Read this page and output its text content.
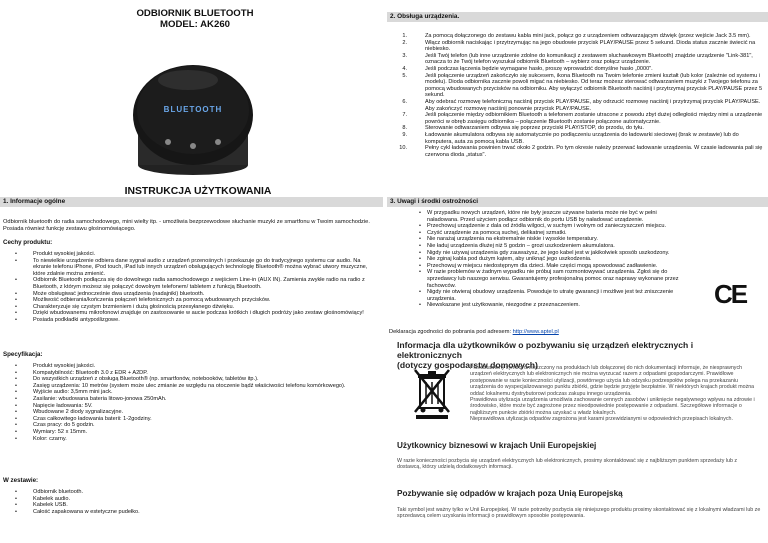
ODBIORNIK BLUETOOTH
MODEL: AK260
BLUETOOTH
INSTRUKCJA UŻYTKOWANIA
1. Informacje ogólne
Odbiornik bluetooth do radia samochodowego, mini wielty itp. - umożliwia bezprzewodowe słuchanie muzyki ze smartfonu w Twoim samochodzie. Posiada również funkcję zestawu głośnomówiącego.
Cechy produktu:
• Produkt wysokiej jakości.
• To niewielkie urządzenie odbiera dane sygnał audio z urządzeń przenośnych i przekazuje go do tradycyjnego systemu car audio. Na ekranie telefonu iPhone, iPod touch, iPad lub innych urządzeń obsługujących technologię Bluetooth® można wybrać utwory muzyczne, które zdalnie można zmienić.
• Odbiornik Bluetooth podłącza się do dowolnego radia samochodowego z wejściem Line-in (AUX IN). Zamienia zwykłe radio na radio z Bluetooth, z którym możesz się połączyć dowolnym telefonem/ tabletem z funkcją Bluetooth.
• Może obsługiwać jednocześnie dwa urządzenia (nadajniki) bluetooth.
• Możliwość odbierania/kończenia połączeń telefonicznych za pomocą wbudowanych przycisków.
• Charakteryzuje się czystym brzmieniem i dużą głośnością przesyłanego dźwięku.
• Dzięki wbudowanemu mikrofonowi znajduje on zastosowanie w aucie podczas krótkich i długich podróży jako zestaw głośnomówiący!
• Posiada podkładki antypoślizgowe.
Specyfikacja:
• Produkt wysokiej jakości.
• Kompatybilność: Bluetooth 3.0 z EDR + A2DP.
• Do wszystkich urządzeń z obsługą Bluetooth® (np. smartfonów, notebooków, tabletów itp.).
• Zasięg urządzenia: 10 metrów (system może ulec zmianie ze względu na otoczenie bądź właściwości telefonu komórkowego).
• Wyjście audio: 3,5mm mini jack.
• Zasilanie: wbudowana bateria litowo-jonowa 250mAh.
• Napięcie ładowania: 5V.
• Wbudowane 2 diody sygnalizacyjne.
• Czas całkowitego ładowania baterii: 1-2godziny.
• Czas pracy: do 5 godzin.
• Wymiary: 52 x 15mm.
• Kolor: czarny.
W zestawie:
• Odbiornik bluetooth.
• Kabelek audio.
• Kabelek USB.
• Całość zapakowana w estetyczne pudełko.
2. Obsługa urządzenia.
1.	Za pomocą dołączonego do zestawu kabla mini jack, połącz go z urządzeniem odtwarzającym dźwięk (przez wejście Jack 3.5 mm).
2.	Włącz odbiornik naciskając i przytrzymując na jego obudowie przycisk PLAY/PAUSE przez 5 sekund. Dioda status zacznie świecić na niebiesko.
3.	Jeśli Twój telefon (lub inne urządzenie zdolne do komunikacji z zestawem słuchawkowym Bluetooth) znajdzie urządzenie "Link-381", oznacza to że Twój telefon wyszukał odbiornik Bluetooth – wybierz oraz połącz urządzenie.
4.	Jeśli podczas łączenia będzie wymagane hasło, proszę wprowadzić domyślne hasło „0000".
5.	Jeśli połączenie urządzeń zakończyło się sukcesem, ikona Bluetooth na Twoim telefonie zmieni kształt (lub kolor (zależnie od systemu i modelu). Dioda odbiornika zacznie powoli migać na niebiesko. Od teraz możesz sterować odtwarzaniem muzyki z Twojego telefonu za pomocą wbudowanych przycisków na odbiorniku. Aby wyłączyć odbiornik Bluetooth naciśnij i przytrzymaj przycisk PLAY/PAUSE przez 5 sekund.
6.	Aby odebrać rozmowę telefoniczną naciśnij przycisk PLAY/PAUSE, aby odrzucić rozmowę naciśnij i przytrzymaj przycisk PLAY/PAUSE. Aby zakończyć rozmowę naciśnij ponownie przycisk PLAY/PAUSE.
7.	Jeśli połączenie między odbiornikiem Bluetooth a telefonem zostanie utracone z powodu zbyt dużej odległości między nimi a urządzenie powróci w obręb zasięgu odbiornika – połączenie Bluetooth zostanie połączone automatycznie.
8.	Sterowanie odtwarzaniem odbywa się poprzez przyciski PLAY/STOP, do przodu, do tyłu.
9.	Ładowanie akumulatora odbywa się automatycznie po podłączeniu urządzenia do ładowarki sieciowej (brak w zestawie) lub do komputera, auta za pomocą kabla USB.
10.	Pełny cykl ładowania powinien trwać około 2 godzin. Po tym okresie należy przerwać ładowanie urządzenia. W czasie ładowania pali się czerwona dioda „status".
3. Uwagi i środki ostrożności
• W przypadku nowych urządzeń, które nie były jeszcze używane bateria może nie być w pełni naładowana. Przed użyciem podłącz odbiornik do portu USB by naładować urządzenie.
• Przechowuj urządzenie z dala od źródła wilgoci, w suchym i wolnym od zanieczyszczeń miejscu.
• Czyść urządzenie za pomocą suchej, delikatnej szmatki.
• Nie narażaj urządzenia na ekstremalnie niskie i wysokie temperatury.
• Nie ładuj urządzenia dłużej niż 5 godzin – grozi uszkodzeniem akumulatora.
• Nigdy nie używaj urządzenia gdy zauważysz, że jego kabel jest w jakikolwiek sposób uszkodzony.
• Nie zginaj kabla pod dużym kątem, aby uniknąć jego uszkodzenia.
• Przechowuj w miejscu niedostępnym dla dzieci. Małe części mogą spowodować zadławienie.
• W razie problemów w żadnym wypadku nie próbuj sam rozmontowywać urządzenia. Zgłoś się do sprzedawcy lub naszego serwisu. Gwarantujemy profesjonalną pomoc oraz naprawy wykonane przez fachowców.
• Nigdy nie otwieraj obudowy urządzenia. Powoduje to utratę gwarancji i możliwe jest też zniszczenie urządzenia.
• Niewskazane jest użytkowanie, niezgodne z przeznaczeniem.	CE
Deklaracja zgodności do pobrania pod adresem: http://www.aptel.pl
Informacja dla użytkowników o pozbywaniu się urządzeń elektrycznych i elektronicznych
(dotyczy gospodarstw domowych)
Przedstawiony symbol umieszczony na produktach lub dołączonej do nich dokumentacji informuje, że niesprawnych urządzeń elektrycznych lub elektronicznych nie można wyrzucać razem z odpadami gospodarczymi. Prawidłowe postępowanie w razie konieczności utylizacji, powtórnego użycia lub odzysku podzespołów polega na przekazaniu urządzenia do wyspecjalizowanego punktu zbiórki, gdzie będzie przyjęte bezpłatnie. W niektórych krajach produkt można oddać lokalnemu dystrybutorowi podczas zakupu innego urządzenia.
Prawidłowa utylizacja urządzenia umożliwia zachowanie cennych zasobów i uniknięcie negatywnego wpływu na zdrowie i środowisko, które może być zagrożone przez nieodpowiednie postępowanie z odpadami. Szczegółowe informacje o najbliższym punkcie zbiórki można uzyskać u władz lokalnych.
Nieprawidłowa utylizacja odpadów zagrożona jest karami przewidzianymi w odpowiednich przepisach lokalnych.
Użytkownicy biznesowi w krajach Unii Europejskiej
W razie konieczności pozbycia się urządzeń elektrycznych lub elektronicznych, prosimy skontaktować się z najbliższym punktem sprzedaży lub z dostawcą, którzy udzielą dodatkowych informacji.
Pozbywanie się odpadów w krajach poza Unią Europejską
Taki symbol jest ważny tylko w Unii Europejskej. W razie potrzeby pozbycia się niniejszego produktu prosimy skontaktować się z lokalnymi władzami lub ze sprzedawcą celem uzyskania informacji o prawidłowym sposobie postępowania.
